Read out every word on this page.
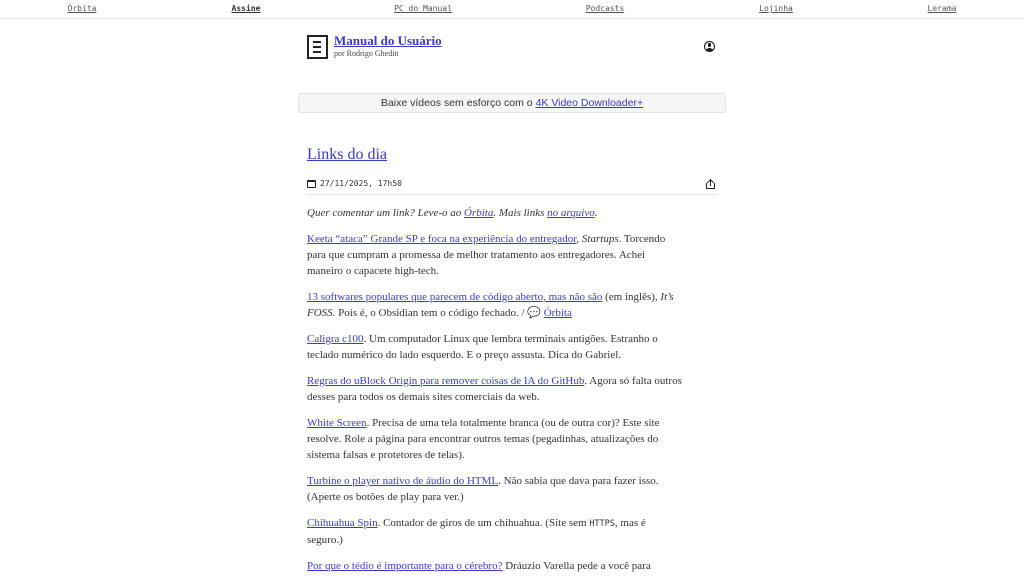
Órbita	Assine	PC do Manual	Podcasts	Lojinha	Lerama
Manual do Usuário
por Rodrigo Ghedin
Baixe vídeos sem esforço com o 4K Video Downloader+
Links do dia
27/11/2025, 17h50

Quer comentar um link? Leve-o ao Órbita. Mais links no arquivo.

Keeta “ataca” Grande SP e foca na experiência do entregador, Startups. Torcendo para que cumpram a promessa de melhor tratamento aos entregadores. Achei maneiro o capacete high-tech.

13 softwares populares que parecem de código aberto, mas não são (em inglês), It’s FOSS. Pois é, o Obsidian tem o código fechado. / 💬 Órbita

Caligra c100. Um computador Linux que lembra terminais antigões. Estranho o teclado numérico do lado esquerdo. E o preço assusta. Dica do Gabriel.

Regras do uBlock Origin para remover coisas de IA do GitHub. Agora só falta outros desses para todos os demais sites comerciais da web.

White Screen. Precisa de uma tela totalmente branca (ou de outra cor)? Este site resolve. Role a página para encontrar outros temas (pegadinhas, atualizações do sistema falsas e protetores de telas).

Turbine o player nativo de áudio do HTML. Não sabia que dava para fazer isso. (Aperte os botões de play para ver.)

Chihuahua Spin. Contador de giros de um chihuahua. (Site sem HTTPS, mas é seguro.)

Por que o tédio é importante para o cérebro? Dráuzio Varella pede a você para
